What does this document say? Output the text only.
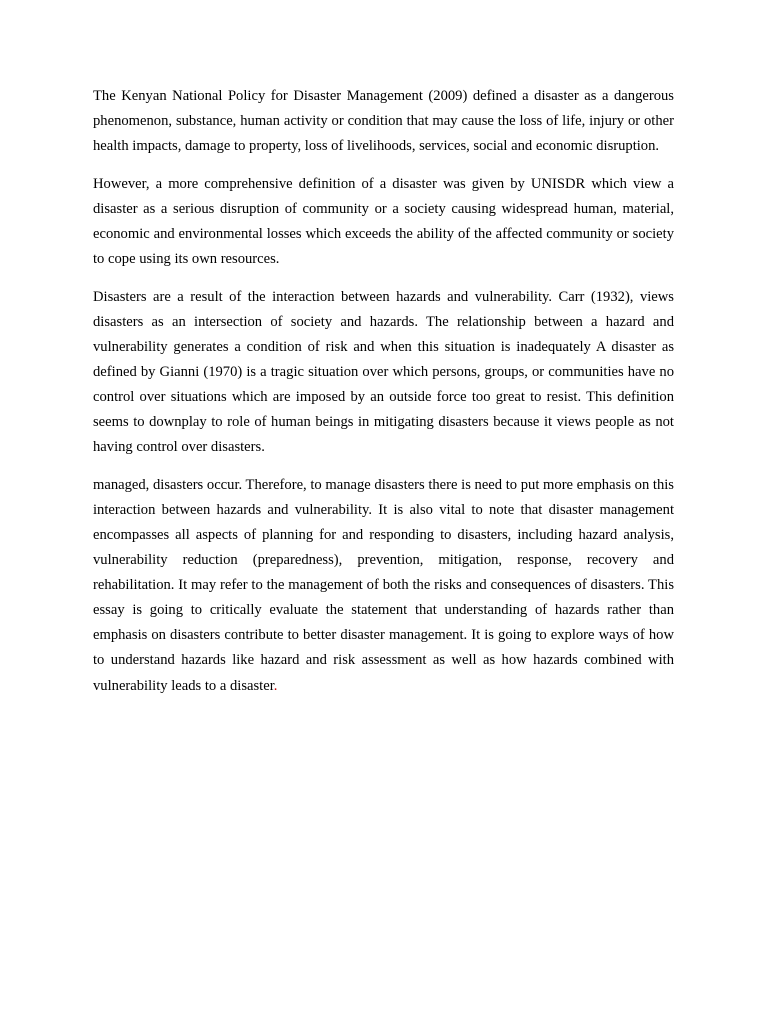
The Kenyan National Policy for Disaster Management (2009) defined a disaster as a dangerous phenomenon, substance, human activity or condition that may cause the loss of life, injury or other health impacts, damage to property, loss of livelihoods, services, social and economic disruption.

However, a more comprehensive definition of a disaster was given by UNISDR which view a disaster as a serious disruption of community or a society causing widespread human, material, economic and environmental losses which exceeds the ability of the affected community or society to cope using its own resources.

Disasters are a result of the interaction between hazards and vulnerability. Carr (1932), views disasters as an intersection of society and hazards. The relationship between a hazard and vulnerability generates a condition of risk and when this situation is inadequately A disaster as defined by Gianni (1970) is a tragic situation over which persons, groups, or communities have no control over situations which are imposed by an outside force too great to resist. This definition seems to downplay to role of human beings in mitigating disasters because it views people as not having control over disasters.

managed, disasters occur. Therefore, to manage disasters there is need to put more emphasis on this interaction between hazards and vulnerability. It is also vital to note that disaster management encompasses all aspects of planning for and responding to disasters, including hazard analysis, vulnerability reduction (preparedness), prevention, mitigation, response, recovery and rehabilitation. It may refer to the management of both the risks and consequences of disasters. This essay is going to critically evaluate the statement that understanding of hazards rather than emphasis on disasters contribute to better disaster management. It is going to explore ways of how to understand hazards like hazard and risk assessment as well as how hazards combined with vulnerability leads to a disaster.
